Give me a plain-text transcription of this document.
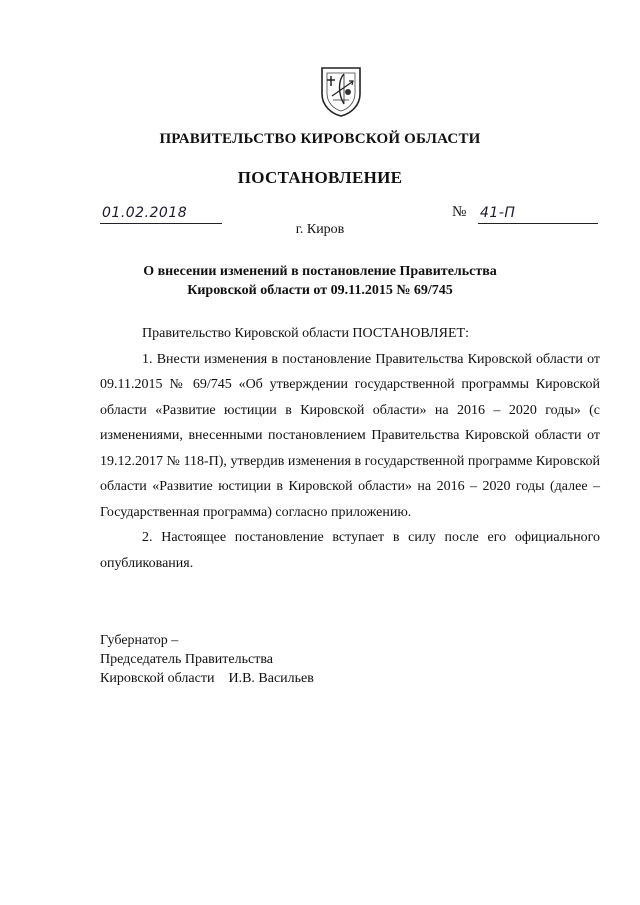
ПРАВИТЕЛЬСТВО КИРОВСКОЙ ОБЛАСТИ
ПОСТАНОВЛЕНИЕ
01.02.2018	№ 41-П
г. Киров
О внесении изменений в постановление Правительства
Кировской области от 09.11.2015 № 69/745

Правительство Кировской области ПОСТАНОВЛЯЕТ:

1. Внести изменения в постановление Правительства Кировской области от 09.11.2015 № 69/745 «Об утверждении государственной программы Кировской области «Развитие юстиции в Кировской области» на 2016 – 2020 годы» (с изменениями, внесенными постановлением Правительства Кировской области от 19.12.2017 № 118-П), утвердив изменения в государственной программе Кировской области «Развитие юстиции в Кировской области» на 2016 – 2020 годы (далее – Государственная программа) согласно приложению.

2. Настоящее постановление вступает в силу после его официального опубликования.

Губернатор –
Председатель Правительства
Кировской области И.В. Васильев
